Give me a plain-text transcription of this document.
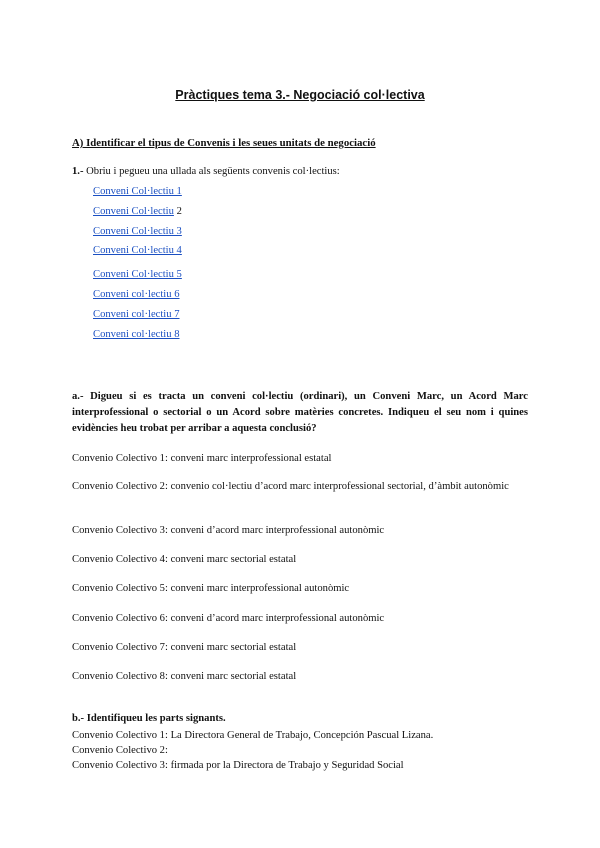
Pràctiques tema 3.- Negociació col·lectiva
A) Identificar el tipus de Convenis i les seues unitats de negociació
1.- Obriu i pegueu una ullada als següents convenis col·lectius:
Conveni Col·lectiu 1
Conveni Col·lectiu 2
Conveni Col·lectiu 3
Conveni Col·lectiu 4
Conveni Col·lectiu 5
Conveni col·lectiu 6
Conveni col·lectiu 7
Conveni col·lectiu 8
a.- Digueu si es tracta un conveni col·lectiu (ordinari), un Conveni Marc, un Acord Marc interprofessional o sectorial o un Acord sobre matèries concretes. Indiqueu el seu nom i quines evidències heu trobat per arribar a aquesta conclusió?
Convenio Colectivo 1: conveni marc interprofessional estatal
Convenio Colectivo 2: convenio col·lectiu d’acord marc interprofessional sectorial, d’àmbit autonòmic
Convenio Colectivo 3: conveni d’acord marc interprofessional autonòmic
Convenio Colectivo 4: conveni marc sectorial estatal
Convenio Colectivo 5: conveni marc interprofessional autonòmic
Convenio Colectivo 6: conveni d’acord marc interprofessional autonòmic
Convenio Colectivo 7: conveni marc sectorial estatal
Convenio Colectivo 8: conveni marc sectorial estatal
b.- Identifiqueu les parts signants.
Convenio Colectivo 1: La Directora General de Trabajo, Concepción Pascual Lizana.
Convenio Colectivo 2:
Convenio Colectivo 3: firmada por la Directora de Trabajo y Seguridad Social
